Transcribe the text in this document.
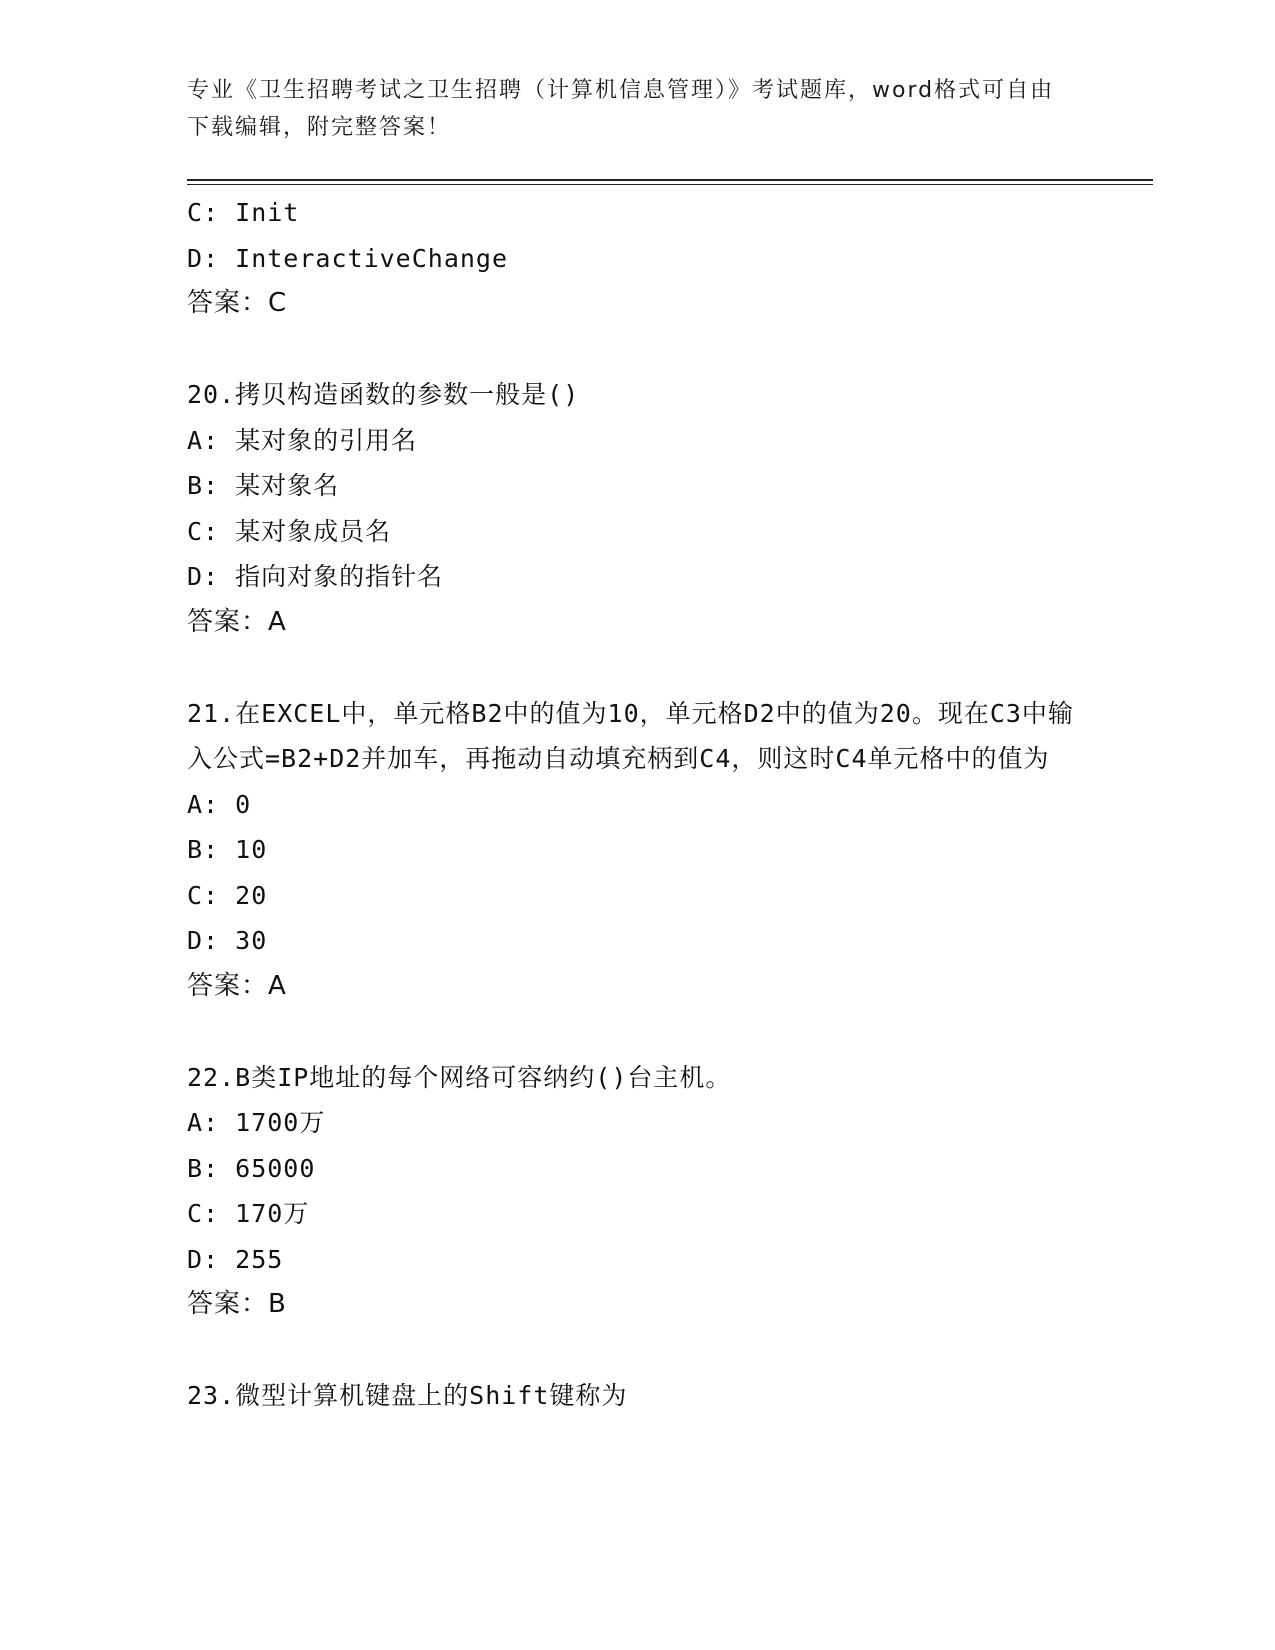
专业《卫生招聘考试之卫生招聘（计算机信息管理）》考试题库，word格式可自由下载编辑，附完整答案！
C: Init
D: InteractiveChange
答案：C
20.拷贝构造函数的参数一般是()
A: 某对象的引用名
B: 某对象名
C: 某对象成员名
D: 指向对象的指针名
答案：A
21.在EXCEL中，单元格B2中的值为10，单元格D2中的值为20。现在C3中输入公式=B2+D2并加车，再拖动自动填充柄到C4，则这时C4单元格中的值为
A: 0
B: 10
C: 20
D: 30
答案：A
22.B类IP地址的每个网络可容纳约()台主机。
A: 1700万
B: 65000
C: 170万
D: 255
答案：B
23.微型计算机键盘上的Shift键称为
